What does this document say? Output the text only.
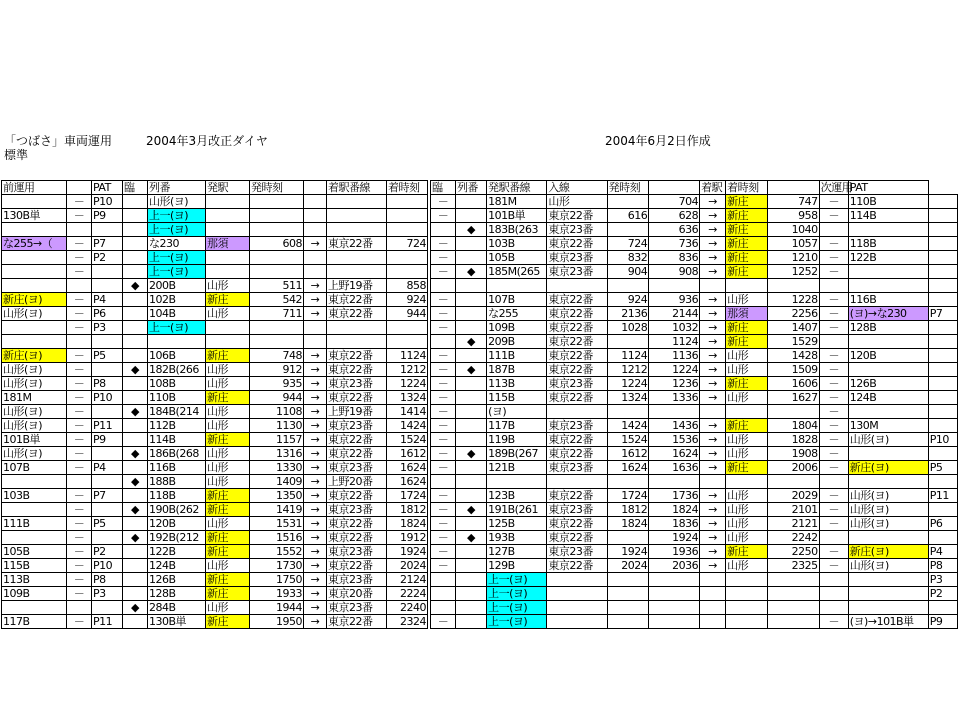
「つばさ」車両運用	2004年3月改正ダイヤ	2004年6月2日作成
標準
前運用		PAT	臨	列番	発駅	発時刻		着駅番線	着時刻
	－	P10		山形(ヨ)					
130B単	－	P9		上一(ヨ)					
				上一(ヨ)					
な255→（	－	P7		な230	那須	608	→	東京22番	724
	－	P2		上一(ヨ)					
	－			上一(ヨ)					
			◆	200B	山形	511	→	上野19番	858
新庄(ヨ)	－	P4		102B	新庄	542	→	東京22番	924
山形(ヨ)	－	P6		104B	山形	711	→	東京22番	944
	－	P3		上一(ヨ)					

新庄(ヨ)	－	P5		106B	新庄	748	→	東京22番	1124
山形(ヨ)	－		◆	182B(266	山形	912	→	東京22番	1212
山形(ヨ)	－	P8		108B	山形	935	→	東京23番	1224
181M	－	P10		110B	新庄	944	→	東京22番	1324
山形(ヨ)	－		◆	184B(214	山形	1108	→	上野19番	1414
山形(ヨ)	－	P11		112B	山形	1130	→	東京23番	1424
101B単	－	P9		114B	新庄	1157	→	東京22番	1524
山形(ヨ)	－		◆	186B(268	山形	1316	→	東京22番	1612
107B	－	P4		116B	山形	1330	→	東京23番	1624
			◆	188B	山形	1409	→	上野20番	1624
103B	－	P7		118B	新庄	1350	→	東京22番	1724
	－		◆	190B(262	新庄	1419	→	東京23番	1812
111B	－	P5		120B	山形	1531	→	東京22番	1824
	－		◆	192B(212	新庄	1516	→	東京22番	1912
105B	－	P2		122B	新庄	1552	→	東京23番	1924
115B	－	P10		124B	山形	1730	→	東京22番	2024
113B	－	P8		126B	新庄	1750	→	東京23番	2124
109B	－	P3		128B	新庄	1933	→	東京20番	2224
			◆	284B	山形	1944	→	東京23番	2240
117B	－	P11		130B単	新庄	1950	→	東京22番	2324
臨	列番	発駅番線	入線	発時刻		着駅	着時刻		次運用	PAT	
－		181M	山形		704	→	新庄	747	－	110B	
－		101B単	東京22番	616	628	→	新庄	958	－	114B	
	◆	183B(263	東京23番		636	→	新庄	1040			
－		103B	東京22番	724	736	→	新庄	1057	－	118B	
－		105B	東京23番	832	836	→	新庄	1210	－	122B	
－	◆	185M(265	東京23番	904	908	→	新庄	1252	－		

－		107B	東京22番	924	936	→	山形	1228	－	116B	
－		な255	東京22番	2136	2144	→	那須	2256	－	(ヨ)→な230	P7
－		109B	東京22番	1028	1032	→	新庄	1407	－	128B	
	◆	209B	東京22番		1124	→	新庄	1529			
－		111B	東京22番	1124	1136	→	山形	1428	－	120B	
－	◆	187B	東京22番	1212	1224	→	山形	1509	－		
－		113B	東京23番	1224	1236	→	新庄	1606	－	126B	
－		115B	東京22番	1324	1336	→	山形	1627	－	124B	
－		(ヨ)							－		
－		117B	東京23番	1424	1436	→	新庄	1804	－	130M	
－		119B	東京22番	1524	1536	→	山形	1828	－	山形(ヨ)	P10
－	◆	189B(267	東京22番	1612	1624	→	山形	1908	－		
－		121B	東京23番	1624	1636	→	新庄	2006	－	新庄(ヨ)	P5

－		123B	東京22番	1724	1736	→	山形	2029	－	山形(ヨ)	P11
－	◆	191B(261	東京23番	1812	1824	→	山形	2101	－	山形(ヨ)	
－		125B	東京22番	1824	1836	→	山形	2121	－	山形(ヨ)	P6
－	◆	193B	東京22番		1924	→	山形	2242			
－		127B	東京23番	1924	1936	→	新庄	2250	－	新庄(ヨ)	P4
－		129B	東京22番	2024	2036	→	山形	2325	－	山形(ヨ)	P8
		上一(ヨ)									P3
		上一(ヨ)									P2
		上一(ヨ)									
－		上一(ヨ)							－	(ヨ)→101B単	P9
